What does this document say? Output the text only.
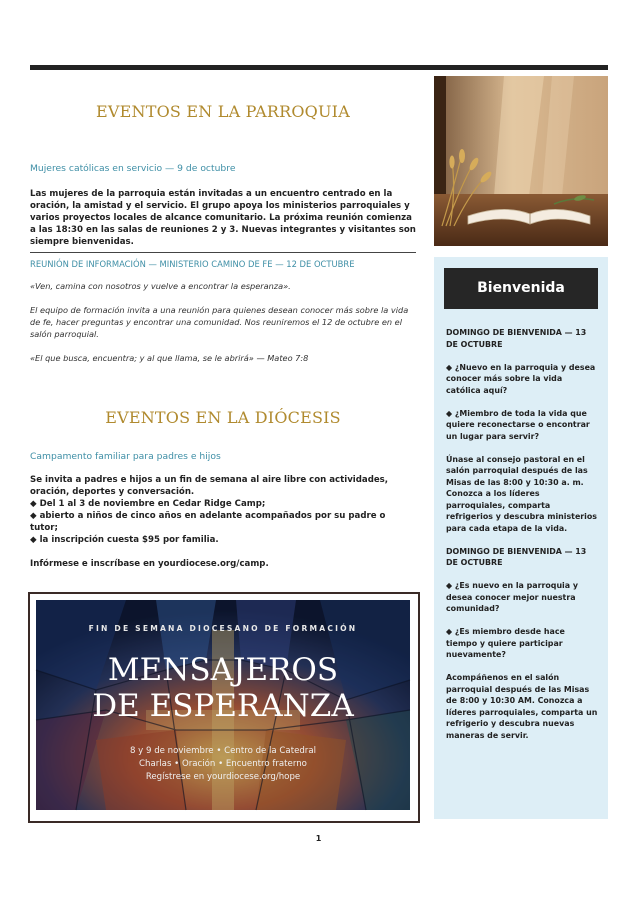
EVENTOS EN LA PARROQUIA
Mujeres católicas en servicio — 9 de octubre

Las mujeres de la parroquia están invitadas a un encuentro centrado en la oración, la amistad y el servicio. El grupo apoya los ministerios parroquiales y varios proyectos locales de alcance comunitario. La próxima reunión comienza a las 18:30 en las salas de reuniones 2 y 3. Nuevas integrantes y visitantes son siempre bienvenidas.

REUNIÓN DE INFORMACIÓN — MINISTERIO CAMINO DE FE — 12 DE OCTUBRE

«Ven, camina con nosotros y vuelve a encontrar la esperanza».

El equipo de formación invita a una reunión para quienes desean conocer más sobre la vida de fe, hacer preguntas y encontrar una comunidad. Nos reuniremos el 12 de octubre en el salón parroquial.

«El que busca, encuentra; y al que llama, se le abrirá» — Mateo 7:8

EVENTOS EN LA DIÓCESIS
Campamento familiar para padres e hijos

Se invita a padres e hijos a un fin de semana al aire libre con actividades, oración, deportes y conversación.

◆ Del 1 al 3 de noviembre en Cedar Ridge Camp;

◆ abierto a niños de cinco años en adelante acompañados por su padre o tutor;

◆ la inscripción cuesta $95 por familia.

Infórmese e inscríbase en yourdiocese.org/camp.

Bienvenida

DOMINGO DE BIENVENIDA — 13 DE OCTUBRE

◆ ¿Nuevo en la parroquia y desea conocer más sobre la vida católica aquí?

◆ ¿Miembro de toda la vida que quiere reconectarse o encontrar un lugar para servir?

Únase al consejo pastoral en el salón parroquial después de las Misas de las 8:00 y 10:30 a. m. Conozca a los líderes parroquiales, comparta refrigerios y descubra ministerios para cada etapa de la vida.

DOMINGO DE BIENVENIDA — 13 DE OCTUBRE

◆ ¿Es nuevo en la parroquia y desea conocer mejor nuestra comunidad?

◆ ¿Es miembro desde hace tiempo y quiere participar nuevamente?

Acompáñenos en el salón parroquial después de las Misas de 8:00 y 10:30 AM. Conozca a líderes parroquiales, comparta un refrigerio y descubra nuevas maneras de servir.

FIN DE SEMANA DIOCESANO DE FORMACIÓN
MENSAJEROS
DE ESPERANZA
8 y 9 de noviembre • Centro de la Catedral
Charlas • Oración • Encuentro fraterno
Regístrese en yourdiocese.org/hope
1
